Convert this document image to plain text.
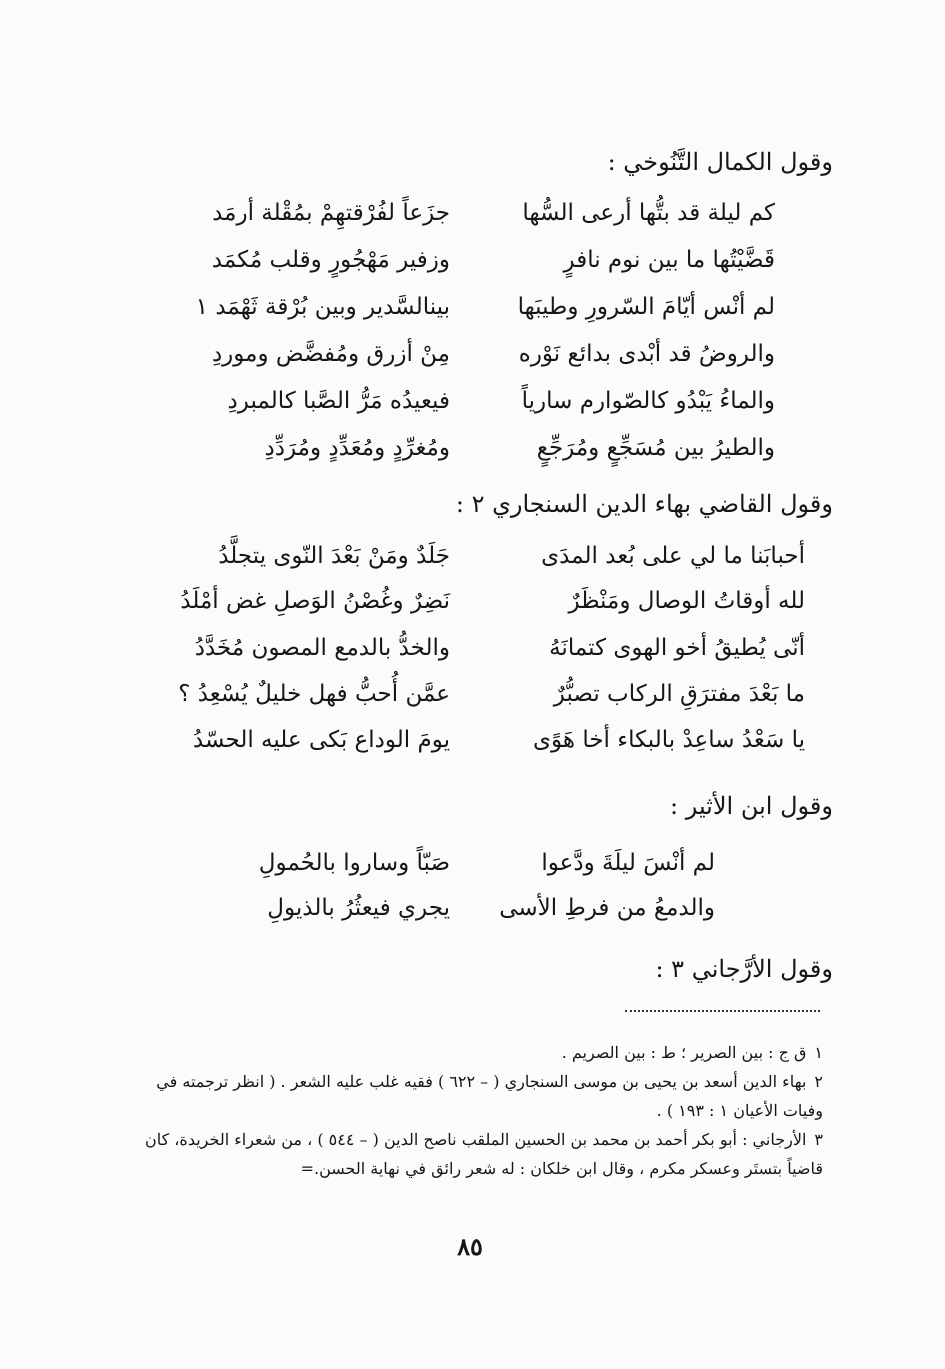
وقول الكمال التَّنُوخي :
كم ليلة قد بتُّها أرعى السُّها
جزَعاً لفُرْقتهِمْ بمُقْلة أرمَد
قَضَّيْتُها ما بين نوم نافرٍ
وزفير مَهْجُورٍ وقلب مُكمَد
لم أنْس أيّامَ السّرورِ وطيبَها
بينالسَّدير وبين بُرْقة ثَهْمَد ١
والروضُ قد أبْدى بدائع نَوْره
مِنْ أزرق ومُفضَّض وموردِ
والماءُ يَبْدُو كالصّوارم سارياً
فيعيدُه مَرُّ الصَّبا كالمبردِ
والطيرُ بين مُسَجِّعٍ ومُرَجِّعٍ
ومُغرِّدٍ ومُعَدِّدٍ ومُرَدِّدِ
وقول القاضي بهاء الدين السنجاري ٢ :
أحبابَنا ما لي على بُعد المدَى
جَلَدٌ ومَنْ بَعْدَ النّوى يتجلَّدُ
لله أوقاتُ الوصال ومَنْظَرٌ
نَضِرٌ وغُصْنُ الوَصلِ غض أمْلَدُ
أنّى يُطيقُ أخو الهوى كتمانَهُ
والخدُّ بالدمع المصون مُخَدَّدُ
ما بَعْدَ مفترَقِ الركاب تصبُّرٌ
عمَّن أُحبُّ فهل خليلٌ يُسْعِدُ ؟
يا سَعْدُ ساعِدْ بالبكاء أخا هَوًى
يومَ الوداع بَكى عليه الحسّدُ
وقول ابن الأثير :
لم أنْسَ ليلَةَ ودَّعوا
صَبّاً وساروا بالحُمولِ
والدمعُ من فرطِ الأسى
يجري فيعثُرُ بالذيولِ
وقول الأرَّجاني ٣ :

١ق ج : بين الصرير ؛ ط : بين الصريم .

٢بهاء الدين أسعد بن يحيى بن موسى السنجاري ( – ٦٢٢ ) فقيه غلب عليه الشعر . ( انظر ترجمته في وفيات الأعيان ١ : ١٩٣ ) .

٣الأرجاني : أبو بكر أحمد بن محمد بن الحسين الملقب ناصح الدين ( – ٥٤٤ ) ، من شعراء الخريدة، كان قاضياً بتستَر وعسكر مكرم ، وقال ابن خلكان : له شعر رائق في نهاية الحسن.=

٨٥
